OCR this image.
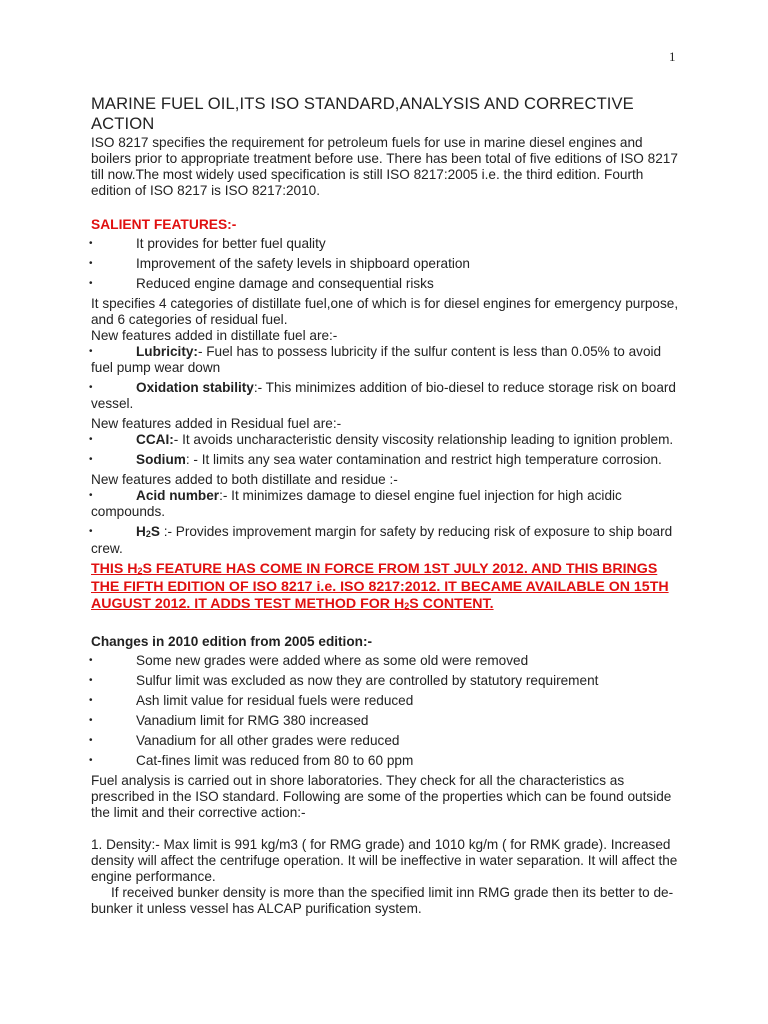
1
MARINE FUEL OIL,ITS ISO STANDARD,ANALYSIS AND CORRECTIVE ACTION

ISO 8217 specifies the requirement for petroleum fuels for use in marine diesel engines and boilers prior to appropriate treatment before use. There has been total of five editions of ISO 8217 till now.The most widely used specification is still ISO 8217:2005 i.e. the third edition. Fourth edition of ISO 8217 is ISO 8217:2010.

SALIENT FEATURES:-

•	It provides for better fuel quality
•	Improvement of the safety levels in shipboard operation
•	Reduced engine damage and consequential risks

It specifies 4 categories of distillate fuel,one of which is for diesel engines for emergency purpose, and 6 categories of residual fuel.

New features added in distillate fuel are:-

•	Lubricity:- Fuel has to possess lubricity if the sulfur content is less than 0.05% to avoid fuel pump wear down
•	Oxidation stability:- This minimizes addition of bio-diesel to reduce storage risk on board vessel.

New features added in Residual fuel are:-

•	CCAI:- It avoids uncharacteristic density viscosity relationship leading to ignition problem.
•	Sodium: - It limits any sea water contamination and restrict high temperature corrosion.

New features added to both distillate and residue :-

•	Acid number:- It minimizes damage to diesel engine fuel injection for high acidic compounds.
•	$H_2S$ :- Provides improvement margin for safety by reducing risk of exposure to ship board crew.

THIS $H_2S$ FEATURE HAS COME IN FORCE FROM 1ST JULY 2012. AND THIS BRINGS THE FIFTH EDITION OF ISO 8217 i.e. ISO 8217:2012. IT BECAME AVAILABLE ON 15TH AUGUST 2012. IT ADDS TEST METHOD FOR $H_2S$ CONTENT.

Changes in 2010 edition from 2005 edition:-

•	Some new grades were added where as some old were removed
•	Sulfur limit was excluded as now they are controlled by statutory requirement
•	Ash limit value for residual fuels were reduced
•	Vanadium limit for RMG 380 increased
•	Vanadium for all other grades were reduced
•	Cat-fines limit was reduced from 80 to 60 ppm

Fuel analysis is carried out in shore laboratories. They check for all the characteristics as prescribed in the ISO standard. Following are some of the properties which can be found outside the limit and their corrective action:-

1. Density:- Max limit is 991 kg/m3 ( for RMG grade) and 1010 kg/m ( for RMK grade). Increased density will affect the centrifuge operation. It will be ineffective in water separation. It will affect the engine performance.

If received bunker density is more than the specified limit inn RMG grade then its better to de-bunker it unless vessel has ALCAP purification system.
